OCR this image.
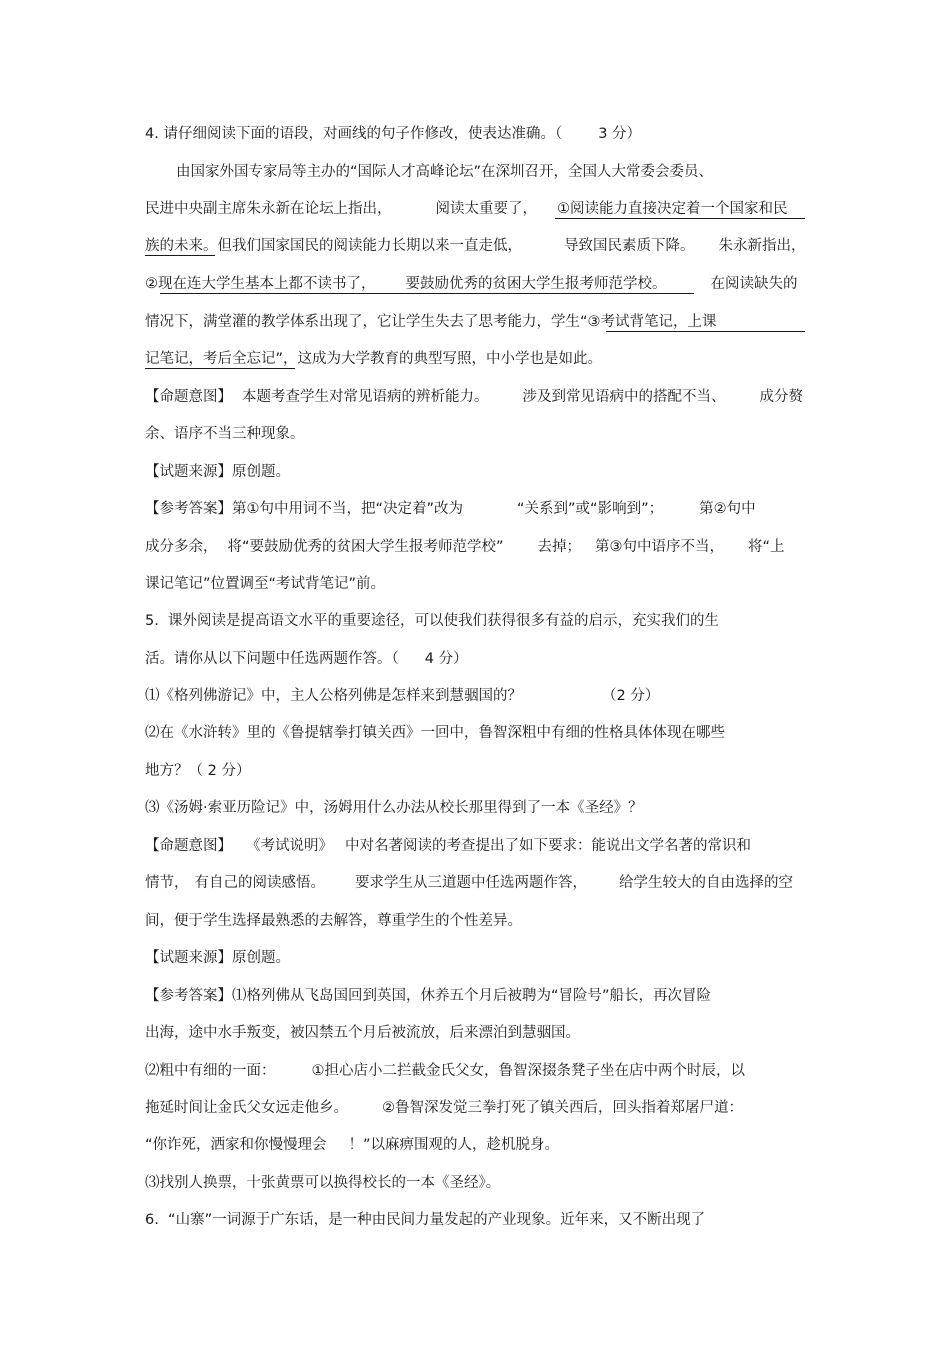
4. 请仔细阅读下面的语段，对画线的句子作修改，使表达准确。（ 3 分）
由国家外国专家局等主办的“国际人才高峰论坛”在深圳召开，全国人大常委会委员、
民进中央副主席朱永新在论坛上指出，	阅读太重要了， ①阅读能力直接决定着一个国家和民
族的未来。但我们国家国民的阅读能力长期以来一直走低，	导致国民素质下降。 朱永新指出，
②现在连大学生基本上都不读书了， 要鼓励优秀的贫困大学生报考师范学校。	在阅读缺失的
情况下，满堂灌的教学体系出现了，它让学生失去了思考能力，学生“③考试背笔记，上课
记笔记，考后全忘记”，这成为大学教育的典型写照，中小学也是如此。
【命题意图】 本题考查学生对常见语病的辨析能力。 涉及到常见语病中的搭配不当、 成分赘
余、语序不当三种现象。
【试题来源】原创题。
【参考答案】第①句中用词不当，把“决定着”改为	“关系到”或“影响到”； 第②句中
成分多余， 将“要鼓励优秀的贫困大学生报考师范学校” 去掉； 第③句中语序不当， 将“上
课记笔记”位置调至“考试背笔记”前。
5.  课外阅读是提高语文水平的重要途径，可以使我们获得很多有益的启示，充实我们的生
活。请你从以下问题中任选两题作答。（ 4 分）
⑴《格列佛游记》中，主人公格列佛是怎样来到慧骃国的？	（2 分）
⑵在《水浒转》里的《鲁提辖拳打镇关西》一回中，鲁智深粗中有细的性格具体体现在哪些
地方？（ 2 分）
⑶《汤姆·索亚历险记》中，汤姆用什么办法从校长那里得到了一本《圣经》？
【命题意图】 《考试说明》 中对名著阅读的考查提出了如下要求：能说出文学名著的常识和
情节， 有自己的阅读感悟。 要求学生从三道题中任选两题作答， 给学生较大的自由选择的空
间，便于学生选择最熟悉的去解答，尊重学生的个性差异。
【试题来源】原创题。
【参考答案】⑴格列佛从飞岛国回到英国，休养五个月后被聘为“冒险号”船长，再次冒险
出海，途中水手叛变，被囚禁五个月后被流放，后来漂泊到慧骃国。
⑵粗中有细的一面： ①担心店小二拦截金氏父女，鲁智深掇条凳子坐在店中两个时辰，以
拖延时间让金氏父女远走他乡。 ②鲁智深发觉三拳打死了镇关西后，回头指着郑屠尸道：
“你诈死，洒家和你慢慢理会 ！”以麻痹围观的人，趁机脱身。
⑶找别人换票，十张黄票可以换得校长的一本《圣经》。
6.  “山寨”一词源于广东话，是一种由民间力量发起的产业现象。近年来，又不断出现了
